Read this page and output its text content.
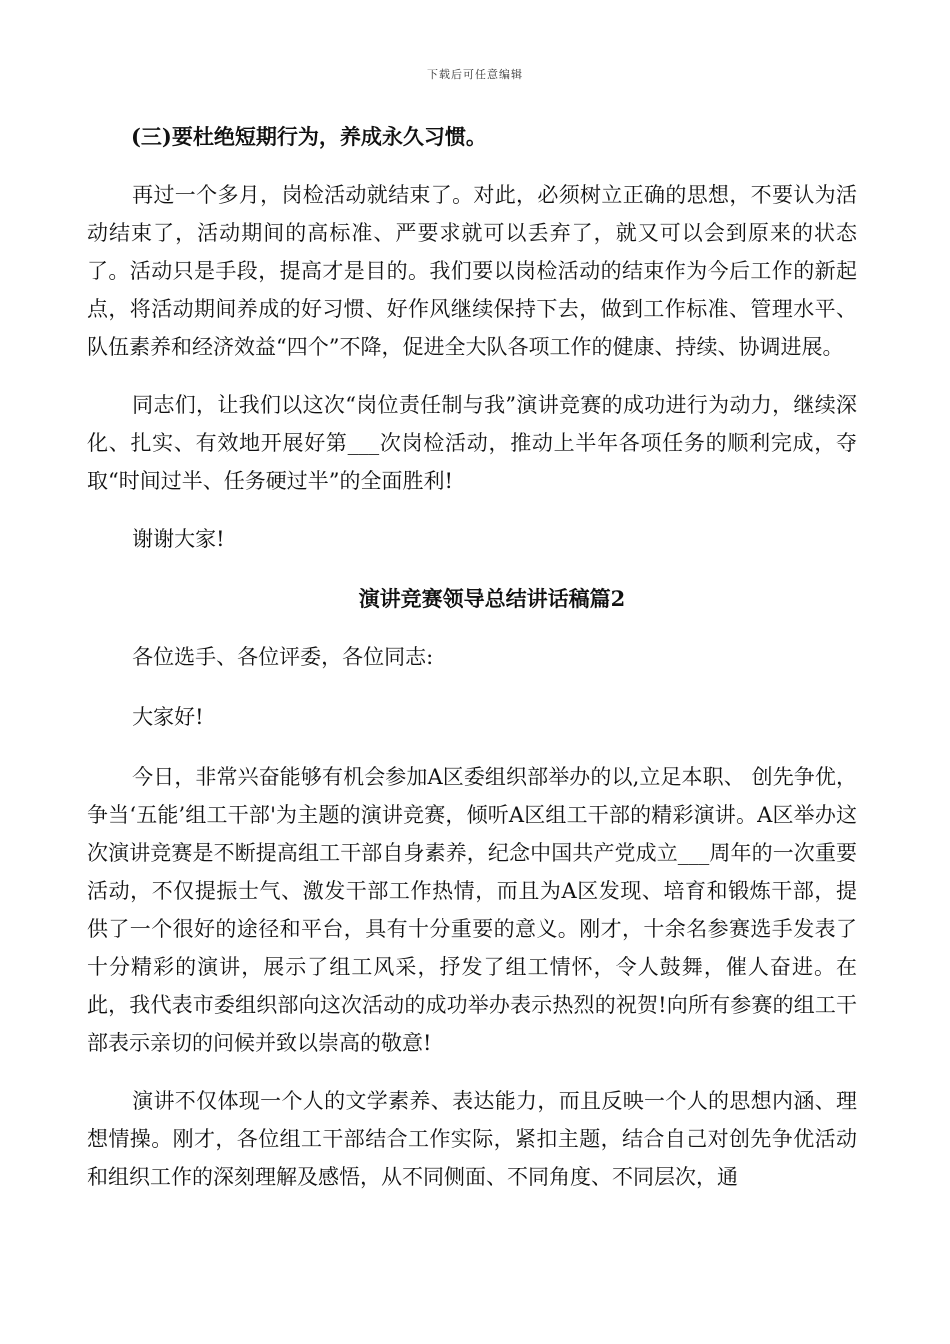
下载后可任意编辑
(三)要杜绝短期行为，养成永久习惯。

再过一个多月，岗检活动就结束了。对此，必须树立正确的思想，不要认为活动结束了，活动期间的高标准、严要求就可以丢弃了，就又可以会到原来的状态了。活动只是手段，提高才是目的。我们要以岗检活动的结束作为今后工作的新起点，将活动期间养成的好习惯、好作风继续保持下去，做到工作标准、管理水平、队伍素养和经济效益“四个”不降，促进全大队各项工作的健康、持续、协调进展。

同志们，让我们以这次“岗位责任制与我”演讲竞赛的成功进行为动力，继续深化、扎实、有效地开展好第___次岗检活动，推动上半年各项任务的顺利完成，夺取“时间过半、任务硬过半”的全面胜利!

谢谢大家!

演讲竞赛领导总结讲话稿篇2

各位选手、各位评委，各位同志:

大家好!

今日，非常兴奋能够有机会参加A区委组织部举办的以,立足本职、 创先争优，争当‘五能’组工干部'为主题的演讲竞赛，倾听A区组工干部的精彩演讲。A区举办这次演讲竞赛是不断提高组工干部自身素养，纪念中国共产党成立___周年的一次重要活动，不仅提振士气、激发干部工作热情，而且为A区发现、培育和锻炼干部，提供了一个很好的途径和平台，具有十分重要的意义。刚才，十余名参赛选手发表了十分精彩的演讲，展示了组工风采，抒发了组工情怀，令人鼓舞，催人奋进。在此，我代表市委组织部向这次活动的成功举办表示热烈的祝贺!向所有参赛的组工干部表示亲切的问候并致以崇高的敬意!

演讲不仅体现一个人的文学素养、表达能力，而且反映一个人的思想内涵、理想情操。刚才，各位组工干部结合工作实际，紧扣主题，结合自己对创先争优活动和组织工作的深刻理解及感悟，从不同侧面、不同角度、不同层次，通
